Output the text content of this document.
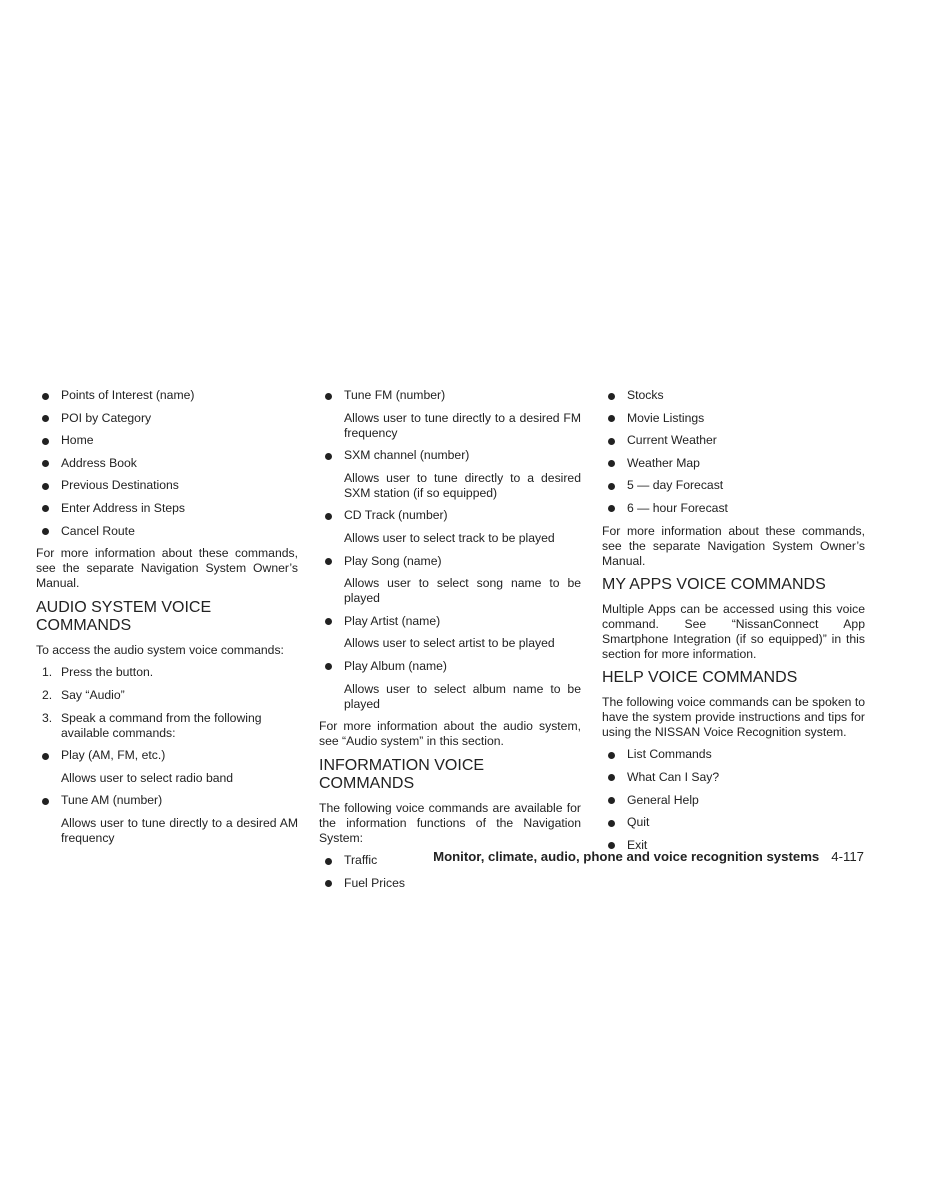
Points of Interest (name)
POI by Category
Home
Address Book
Previous Destinations
Enter Address in Steps
Cancel Route

For more information about these commands, see the separate Navigation System Owner’s Manual.

AUDIO SYSTEM VOICE COMMANDS

To access the audio system voice commands:

1. Press the button.
2. Say “Audio”
3. Speak a command from the following available commands:
Play (AM, FM, etc.)
Allows user to select radio band
Tune AM (number)
Allows user to tune directly to a desired AM frequency
Tune FM (number)
Allows user to tune directly to a desired FM frequency
SXM channel (number)
Allows user to tune directly to a desired SXM station (if so equipped)
CD Track (number)
Allows user to select track to be played
Play Song (name)
Allows user to select song name to be played
Play Artist (name)
Allows user to select artist to be played
Play Album (name)
Allows user to select album name to be played

For more information about the audio system, see “Audio system” in this section.

INFORMATION VOICE COMMANDS

The following voice commands are available for the information functions of the Navigation System:

Traffic
Fuel Prices
Stocks
Movie Listings
Current Weather
Weather Map
5 — day Forecast
6 — hour Forecast

For more information about these commands, see the separate Navigation System Owner’s Manual.

MY APPS VOICE COMMANDS

Multiple Apps can be accessed using this voice command. See “NissanConnect App Smartphone Integration (if so equipped)” in this section for more information.

HELP VOICE COMMANDS

The following voice commands can be spoken to have the system provide instructions and tips for using the NISSAN Voice Recognition system.

List Commands
What Can I Say?
General Help
Quit
Exit
Monitor, climate, audio, phone and voice recognition systems 4-117
